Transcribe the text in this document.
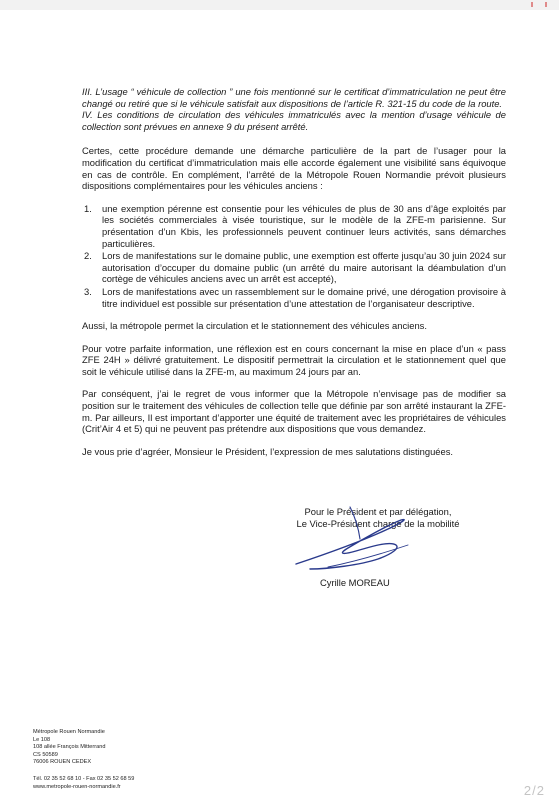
III. L’usage “ véhicule de collection ” une fois mentionné sur le certificat d’immatriculation ne peut être changé ou retiré que si le véhicule satisfait aux dispositions de l’article R. 321-15 du code de la route.

IV. Les conditions de circulation des véhicules immatriculés avec la mention d’usage véhicule de collection sont prévues en annexe 9 du présent arrêté.

Certes, cette procédure demande une démarche particulière de la part de l’usager pour la modification du certificat d’immatriculation mais elle accorde également une visibilité sans équivoque en cas de contrôle. En complément, l’arrêté de la Métropole Rouen Normandie prévoit plusieurs dispositions complémentaires pour les véhicules anciens :

1. une exemption pérenne est consentie pour les véhicules de plus de 30 ans d’âge exploités par les sociétés commerciales à visée touristique, sur le modèle de la ZFE-m parisienne. Sur présentation d’un Kbis, les professionnels peuvent continuer leurs activités, sans démarches particulières.
2. Lors de manifestations sur le domaine public, une exemption est offerte jusqu’au 30 juin 2024 sur autorisation d’occuper du domaine public (un arrêté du maire autorisant la déambulation d’un cortège de véhicules anciens avec un arrêt est accepté),
3. Lors de manifestations avec un rassemblement sur le domaine privé, une dérogation provisoire à titre individuel est possible sur présentation d’une attestation de l’organisateur descriptive.

Aussi, la métropole permet la circulation et le stationnement des véhicules anciens.

Pour votre parfaite information, une réflexion est en cours concernant la mise en place d’un « pass ZFE 24H » délivré gratuitement. Le dispositif permettrait la circulation et le stationnement quel que soit le véhicule utilisé dans la ZFE-m, au maximum 24 jours par an.

Par conséquent, j’ai le regret de vous informer que la Métropole n’envisage pas de modifier sa position sur le traitement des véhicules de collection telle que définie par son arrêté instaurant la ZFE-m. Par ailleurs, Il est important d’apporter une équité de traitement avec les propriétaires de véhicules (Crit’Air 4 et 5) qui ne peuvent pas prétendre aux dispositions que vous demandez.

Je vous prie d’agréer, Monsieur le Président, l’expression de mes salutations distinguées.

Pour le Président et par délégation,
Le Vice-Président chargé de la mobilité
Cyrille MOREAU
Métropole Rouen Normandie
Le 108
108 allée François Mitterrand
CS 50589
76006 ROUEN CEDEX
Tél. 02 35 52 68 10 - Fax 02 35 52 68 59
www.metropole-rouen-normandie.fr	2/2
